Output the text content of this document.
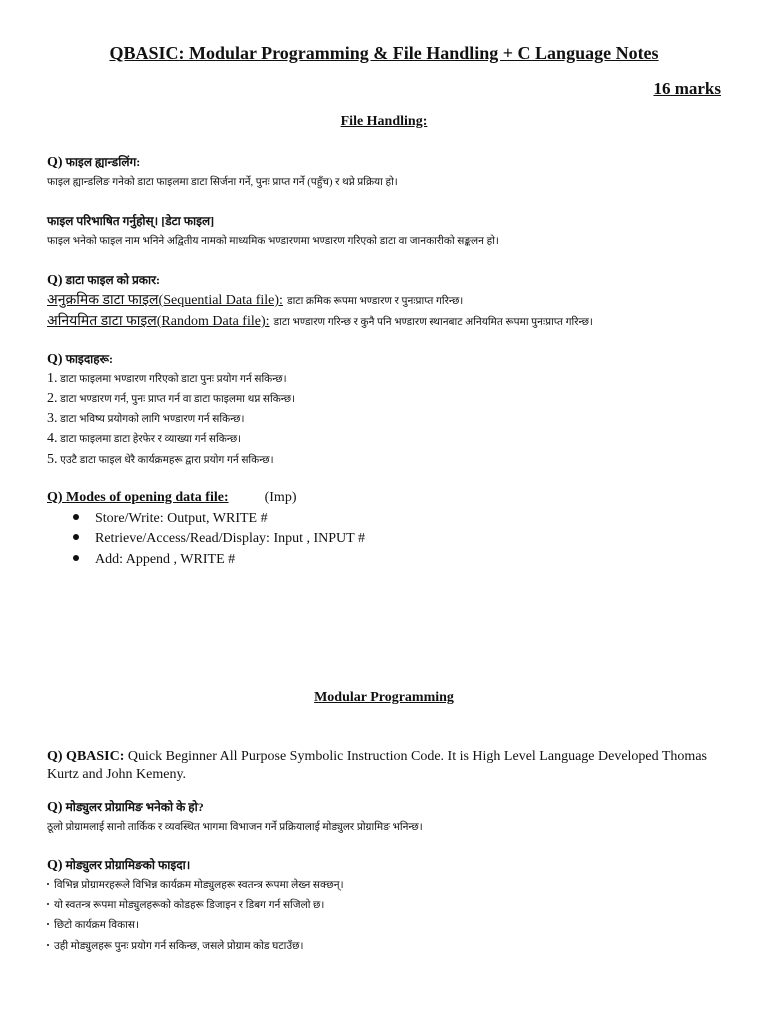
QBASIC: Modular Programming & File Handling + C Language Notes
16 marks
File Handling:
Q) फाइल ह्यान्डलिंग:
फाइल ह्यान्डलिङ गनेको डाटा फाइलमा डाटा सिर्जना गर्ने, पुनः प्राप्त गर्ने (पहुँच) र थप्ने प्रक्रिया हो।
फाइल परिभाषित गर्नुहोस्। [डेटा फाइल]
फाइल भनेको फाइल नाम भनिने अद्वितीय नामको माध्यमिक भण्डारणमा भण्डारण गरिएको डाटा वा जानकारीको सङ्कलन हो।
Q) डाटा फाइल को प्रकार:
अनुक्रमिक डाटा फाइल(Sequential Data file): डाटा क्रमिक रूपमा भण्डारण र पुनःप्राप्त गरिन्छ।
अनियमित डाटा फाइल(Random Data file): डाटा भण्डारण गरिन्छ र कुनै पनि भण्डारण स्थानबाट अनियमित रूपमा पुनःप्राप्त गरिन्छ।
Q) फाइदाहरू:
1. डाटा फाइलमा भण्डारण गरिएको डाटा पुनः प्रयोग गर्न सकिन्छ।
2. डाटा भण्डारण गर्न, पुनः प्राप्त गर्न वा डाटा फाइलमा थप्न सकिन्छ।
3. डाटा भविष्य प्रयोगको लागि भण्डारण गर्न सकिन्छ।
4. डाटा फाइलमा डाटा हेरफेर र व्याख्या गर्न सकिन्छ।
5. एउटै डाटा फाइल धेरै कार्यक्रमहरू द्वारा प्रयोग गर्न सकिन्छ।
Q) Modes of opening data file:	(Imp)
Store/Write: Output, WRITE #
Retrieve/Access/Read/Display: Input , INPUT #
Add: Append , WRITE #
Modular Programming
Q) QBASIC: Quick Beginner All Purpose Symbolic Instruction Code. It is High Level Language Developed Thomas
Kurtz and John Kemeny.
Q) मोड्युलर प्रोग्रामिङ भनेको के हो?
ठूलो प्रोग्रामलाई सानो तार्किक र व्यवस्थित भागमा विभाजन गर्ने प्रक्रियालाई मोड्युलर प्रोग्रामिङ भनिन्छ।
Q) मोड्युलर प्रोग्रामिङको फाइदा।
विभिन्न प्रोग्रामरहरूले विभिन्न कार्यक्रम मोड्युलहरू स्वतन्त्र रूपमा लेख्न सक्छन्।
यो स्वतन्त्र रूपमा मोड्युलहरूको कोडहरू डिजाइन र डिबग गर्न सजिलो छ।
छिटो कार्यक्रम विकास।
उही मोड्युलहरू पुनः प्रयोग गर्न सकिन्छ, जसले प्रोग्राम कोड घटाउँछ।
